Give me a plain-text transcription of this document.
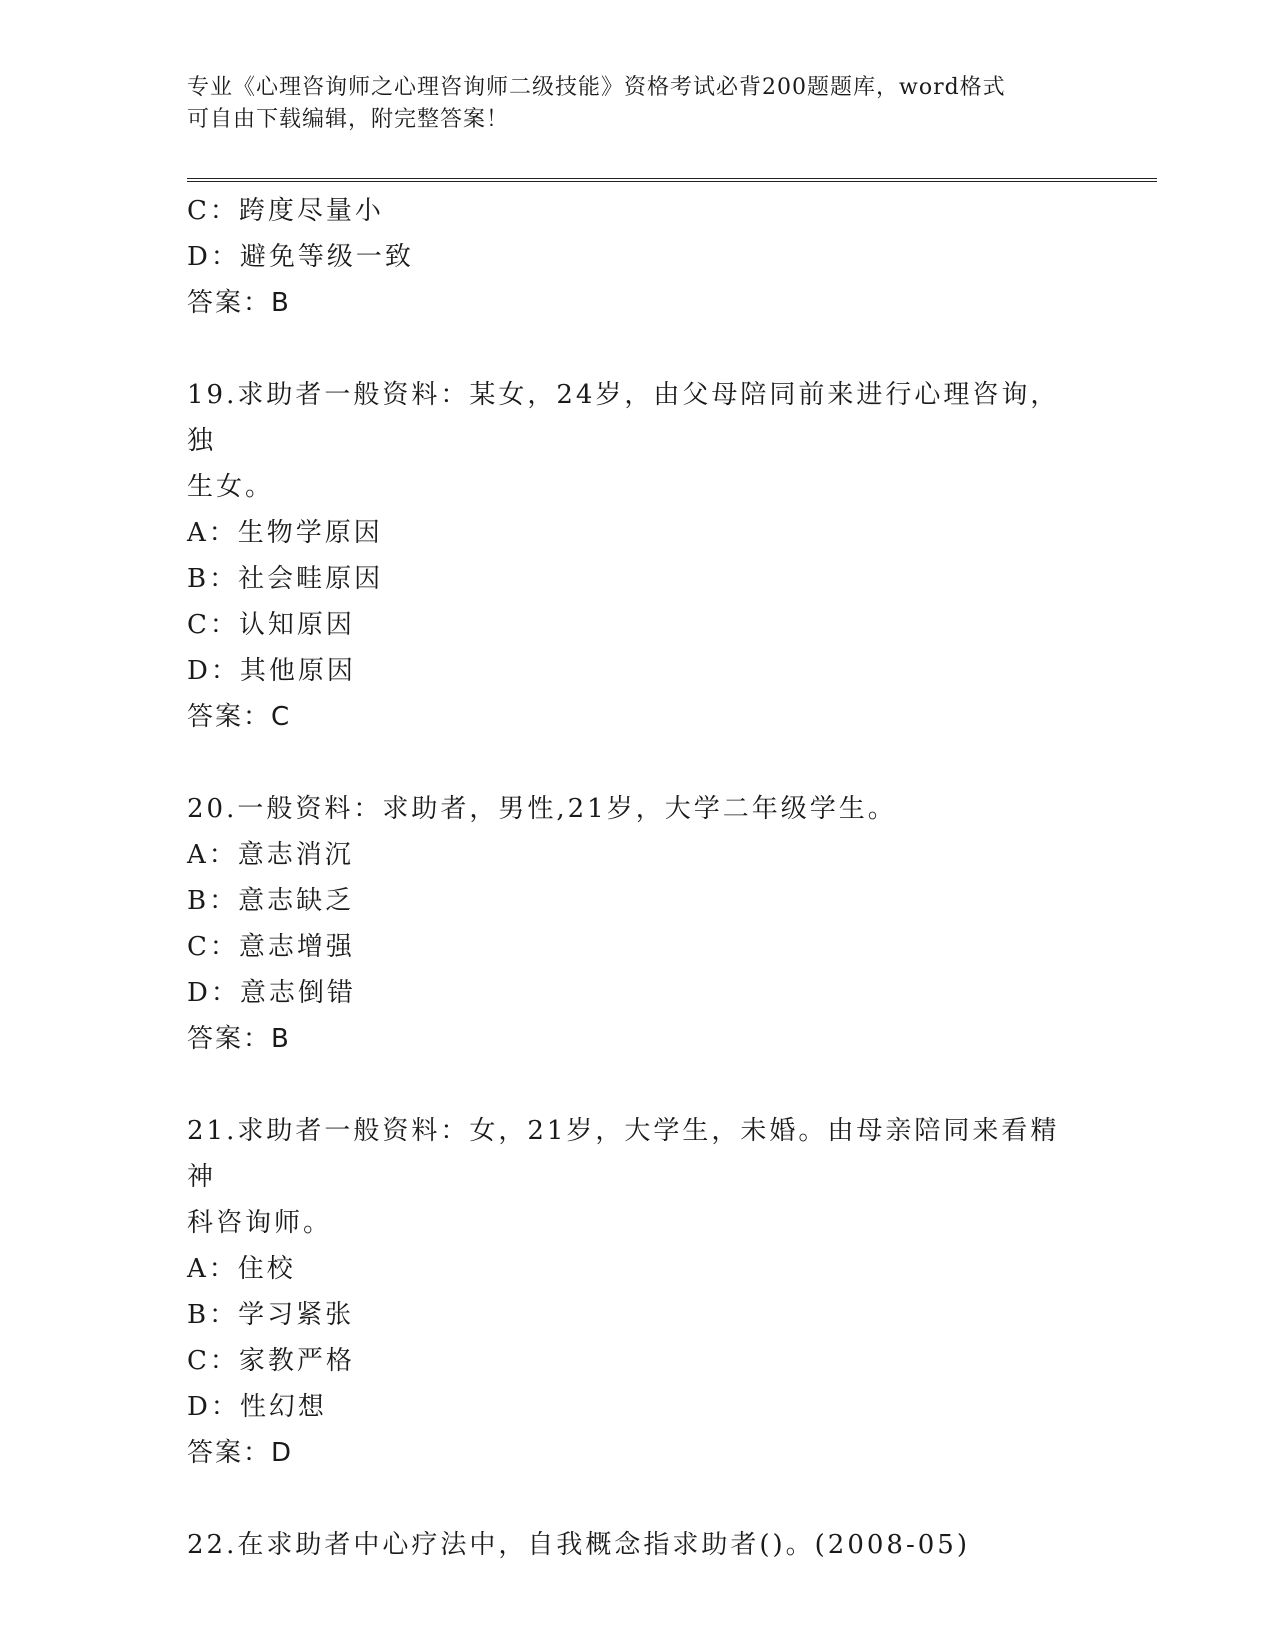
专业《心理咨询师之心理咨询师二级技能》资格考试必背200题题库，word格式
可自由下载编辑，附完整答案！
C：跨度尽量小
D：避免等级一致
答案：B
19.求助者一般资料：某女，24岁，由父母陪同前来进行心理咨询，独
生女。
A：生物学原因
B：社会畦原因
C：认知原因
D：其他原因
答案：C
20.一般资料：求助者，男性,21岁，大学二年级学生。
A：意志消沉
B：意志缺乏
C：意志增强
D：意志倒错
答案：B
21.求助者一般资料：女，21岁，大学生，未婚。由母亲陪同来看精神
科咨询师。
A：住校
B：学习紧张
C：家教严格
D：性幻想
答案：D
22.在求助者中心疗法中，自我概念指求助者()。(2008-05)
